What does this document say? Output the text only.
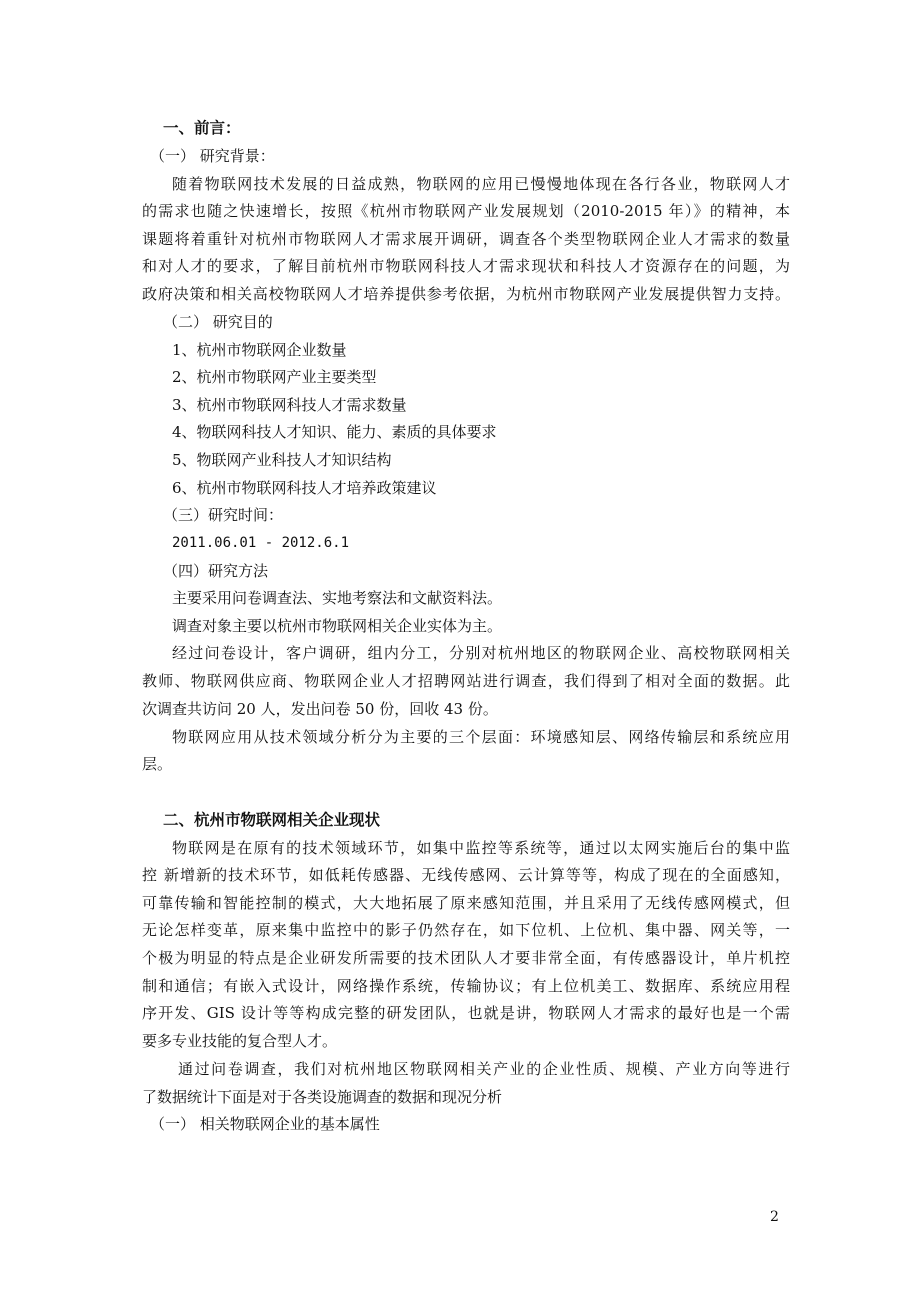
一、前言：

（一） 研究背景：

随着物联网技术发展的日益成熟，物联网的应用已慢慢地体现在各行各业，物联网人才

的需求也随之快速增长，按照《杭州市物联网产业发展规划（2010-2015 年）》的精神，本

课题将着重针对杭州市物联网人才需求展开调研，调查各个类型物联网企业人才需求的数量

和对人才的要求，了解目前杭州市物联网科技人才需求现状和科技人才资源存在的问题，为

政府决策和相关高校物联网人才培养提供参考依据，为杭州市物联网产业发展提供智力支持。

（二） 研究目的

1、杭州市物联网企业数量

2、杭州市物联网产业主要类型

3、杭州市物联网科技人才需求数量

4、物联网科技人才知识、能力、素质的具体要求

5、物联网产业科技人才知识结构

6、杭州市物联网科技人才培养政策建议

（三）研究时间：

2011.06.01 - 2012.6.1

（四）研究方法

主要采用问卷调查法、实地考察法和文献资料法。

调查对象主要以杭州市物联网相关企业实体为主。

经过问卷设计，客户调研，组内分工，分别对杭州地区的物联网企业、高校物联网相关

教师、物联网供应商、物联网企业人才招聘网站进行调查，我们得到了相对全面的数据。此

次调查共访问 20 人，发出问卷 50 份，回收 43 份。

物联网应用从技术领域分析分为主要的三个层面：环境感知层、网络传输层和系统应用

层。

二、杭州市物联网相关企业现状

物联网是在原有的技术领域环节，如集中监控等系统等，通过以太网实施后台的集中监

控 新增新的技术环节，如低耗传感器、无线传感网、云计算等等，构成了现在的全面感知，

可靠传输和智能控制的模式，大大地拓展了原来感知范围，并且采用了无线传感网模式，但

无论怎样变革，原来集中监控中的影子仍然存在，如下位机、上位机、集中器、网关等，一

个极为明显的特点是企业研发所需要的技术团队人才要非常全面，有传感器设计，单片机控

制和通信；有嵌入式设计，网络操作系统，传输协议；有上位机美工、数据库、系统应用程

序开发、GIS 设计等等构成完整的研发团队，也就是讲，物联网人才需求的最好也是一个需

要多专业技能的复合型人才。

通过问卷调查，我们对杭州地区物联网相关产业的企业性质、规模、产业方向等进行

了数据统计下面是对于各类设施调查的数据和现况分析

（一） 相关物联网企业的基本属性

2
